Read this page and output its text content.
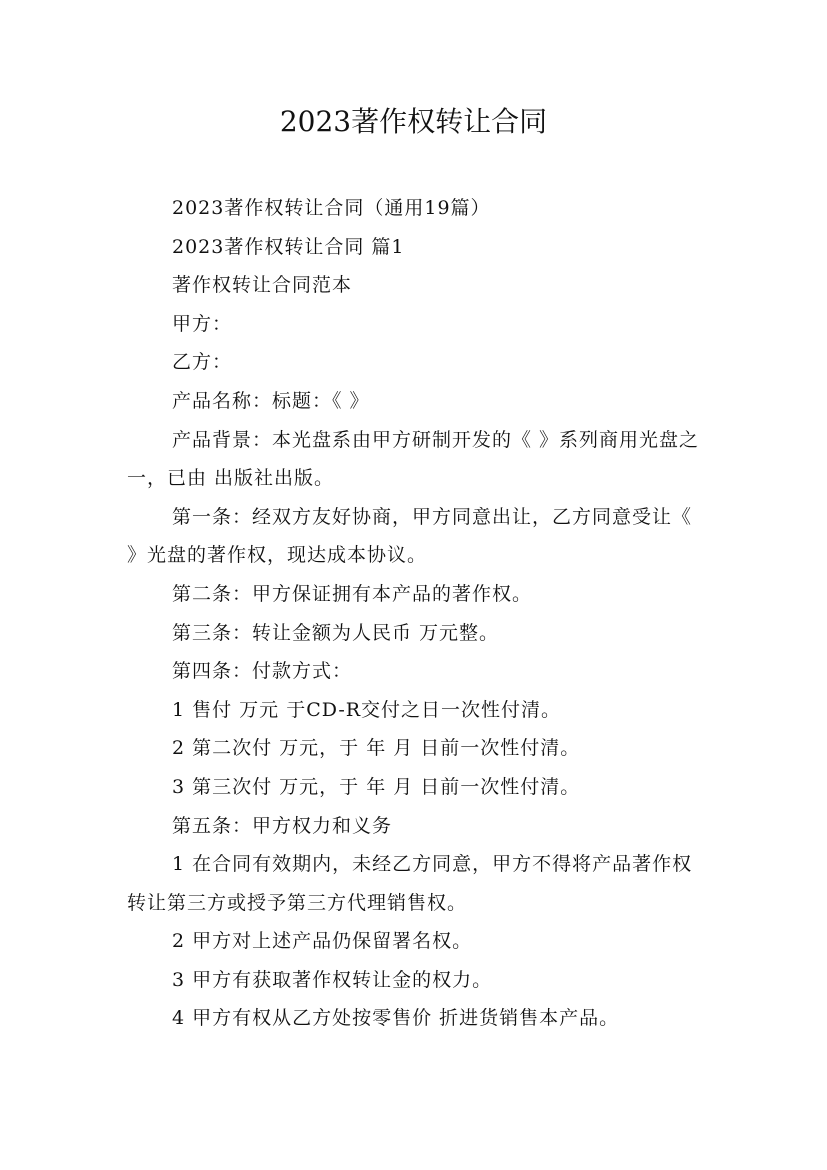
2023著作权转让合同

2023著作权转让合同（通用19篇）

2023著作权转让合同 篇1

著作权转让合同范本

甲方：

乙方：

产品名称：标题：《 》

产品背景：本光盘系由甲方研制开发的《 》系列商用光盘之一，已由 出版社出版。

第一条：经双方友好协商，甲方同意出让，乙方同意受让《 》光盘的著作权，现达成本协议。

第二条：甲方保证拥有本产品的著作权。

第三条：转让金额为人民币 万元整。

第四条：付款方式：

1 售付 万元 于CD-R交付之日一次性付清。

2 第二次付 万元，于 年 月 日前一次性付清。

3 第三次付 万元，于 年 月 日前一次性付清。

第五条：甲方权力和义务

1 在合同有效期内，未经乙方同意，甲方不得将产品著作权转让第三方或授予第三方代理销售权。

2 甲方对上述产品仍保留署名权。

3 甲方有获取著作权转让金的权力。

4 甲方有权从乙方处按零售价 折进货销售本产品。
